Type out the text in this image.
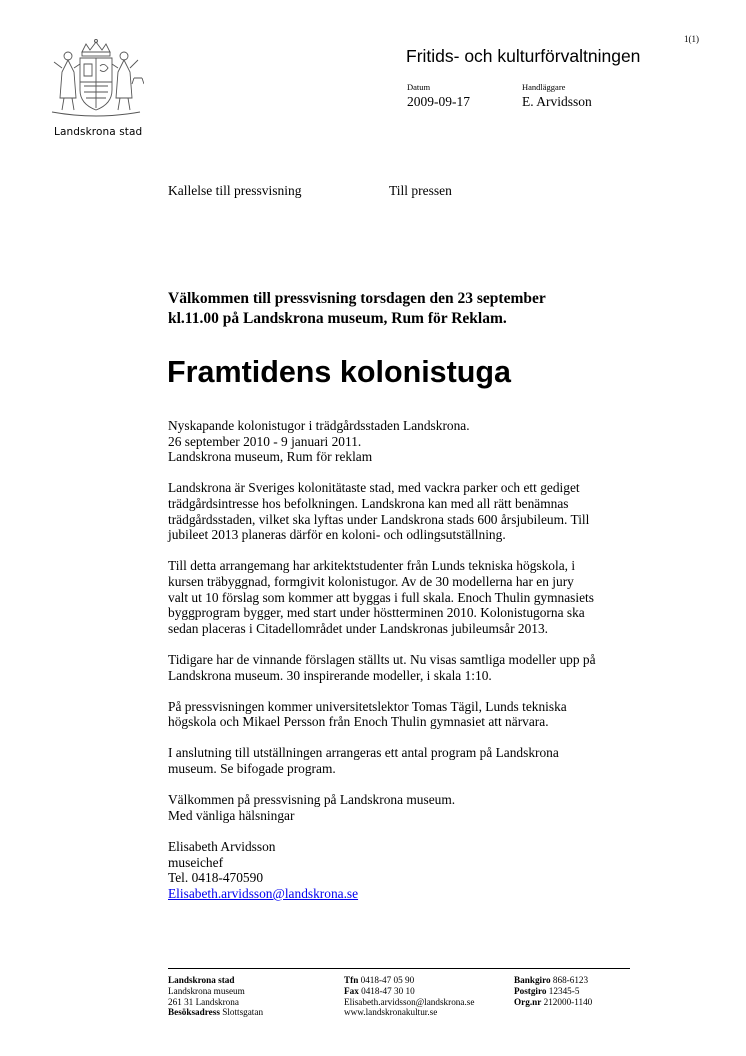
1(1)
Landskrona stad
Fritids- och kulturförvaltningen
Datum
2009-09-17
Handläggare
E. Arvidsson
Kallelse till pressvisning	Till pressen
Välkommen till pressvisning torsdagen den 23 september
kl.11.00 på Landskrona museum, Rum för Reklam.
Framtidens kolonistuga

Nyskapande kolonistugor i trädgårdsstaden Landskrona.
26 september 2010 - 9 januari 2011.
Landskrona museum, Rum för reklam

Landskrona är Sveriges kolonitätaste stad, med vackra parker och ett gediget
trädgårdsintresse hos befolkningen. Landskrona kan med all rätt benämnas
trädgårdsstaden, vilket ska lyftas under Landskrona stads 600 årsjubileum. Till
jubileet 2013 planeras därför en koloni- och odlingsutställning.

Till detta arrangemang har arkitektstudenter från Lunds tekniska högskola, i
kursen träbyggnad, formgivit kolonistugor. Av de 30 modellerna har en jury
valt ut 10 förslag som kommer att byggas i full skala. Enoch Thulin gymnasiets
byggprogram bygger, med start under höstterminen 2010. Kolonistugorna ska
sedan placeras i Citadellområdet under Landskronas jubileumsår 2013.

Tidigare har de vinnande förslagen ställts ut. Nu visas samtliga modeller upp på
Landskrona museum. 30 inspirerande modeller, i skala 1:10.

På pressvisningen kommer universitetslektor Tomas Tägil, Lunds tekniska
högskola och Mikael Persson från Enoch Thulin gymnasiet att närvara.

I anslutning till utställningen arrangeras ett antal program på Landskrona
museum. Se bifogade program.

Välkommen på pressvisning på Landskrona museum.
Med vänliga hälsningar

Elisabeth Arvidsson
museichef
Tel. 0418-470590
Elisabeth.arvidsson@landskrona.se

Landskrona stad
Landskrona museum
261 31 Landskrona
Besöksadress Slottsgatan
Tfn 0418-47 05 90
Fax 0418-47 30 10
Elisabeth.arvidsson@landskrona.se
www.landskronakultur.se
Bankgiro 868-6123
Postgiro 12345-5
Org.nr 212000-1140
